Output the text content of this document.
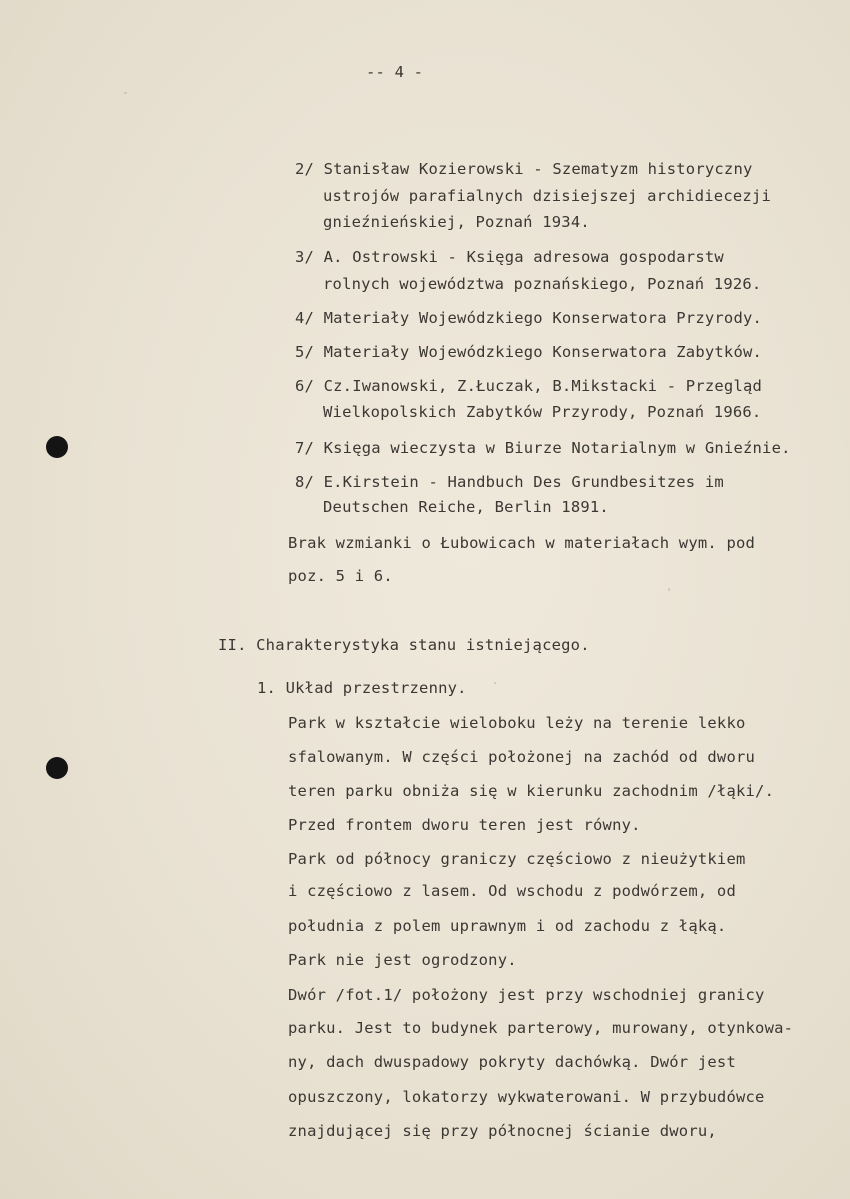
-- 4 -
2/ Stanisław Kozierowski - Szematyzm historyczny
ustrojów parafialnych dzisiejszej archidiecezji
gnieźnieńskiej, Poznań 1934.
3/ A. Ostrowski - Księga adresowa gospodarstw
rolnych województwa poznańskiego, Poznań 1926.
4/ Materiały Wojewódzkiego Konserwatora Przyrody.
5/ Materiały Wojewódzkiego Konserwatora Zabytków.
6/ Cz.Iwanowski, Z.Łuczak, B.Mikstacki - Przegląd
Wielkopolskich Zabytków Przyrody, Poznań 1966.
7/ Księga wieczysta w Biurze Notarialnym w Gnieźnie.
8/ E.Kirstein - Handbuch Des Grundbesitzes im
Deutschen Reiche, Berlin 1891.
Brak wzmianki o Łubowicach w materiałach wym. pod
poz. 5 i 6.
II. Charakterystyka stanu istniejącego.
1. Układ przestrzenny.
Park w kształcie wieloboku leży na terenie lekko
sfalowanym. W części położonej na zachód od dworu
teren parku obniża się w kierunku zachodnim /łąki/.
Przed frontem dworu teren jest równy.
Park od północy graniczy częściowo z nieużytkiem
i częściowo z lasem. Od wschodu z podwórzem, od
południa z polem uprawnym i od zachodu z łąką.
Park nie jest ogrodzony.
Dwór /fot.1/ położony jest przy wschodniej granicy
parku. Jest to budynek parterowy, murowany, otynkowa-
ny, dach dwuspadowy pokryty dachówką. Dwór jest
opuszczony, lokatorzy wykwaterowani. W przybudówce
znajdującej się przy północnej ścianie dworu,
